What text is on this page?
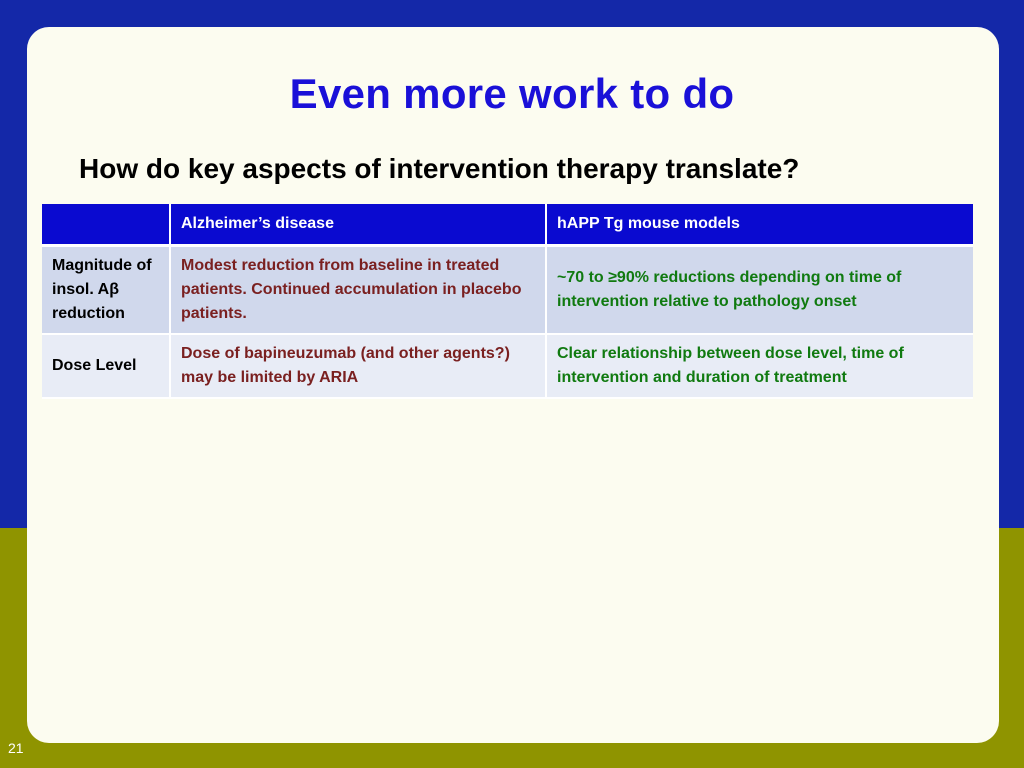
Even more work to do
How do key aspects of intervention therapy translate?
	Alzheimer’s disease	hAPP Tg mouse models
Magnitude of insol. Aβ reduction	Modest reduction from baseline in treated patients. Continued accumulation in placebo patients.	~70 to ≥90% reductions depending on time of intervention relative to pathology onset
Dose Level	Dose of bapineuzumab (and other agents?) may be limited by ARIA	Clear relationship between dose level, time of intervention and duration of treatment
21
